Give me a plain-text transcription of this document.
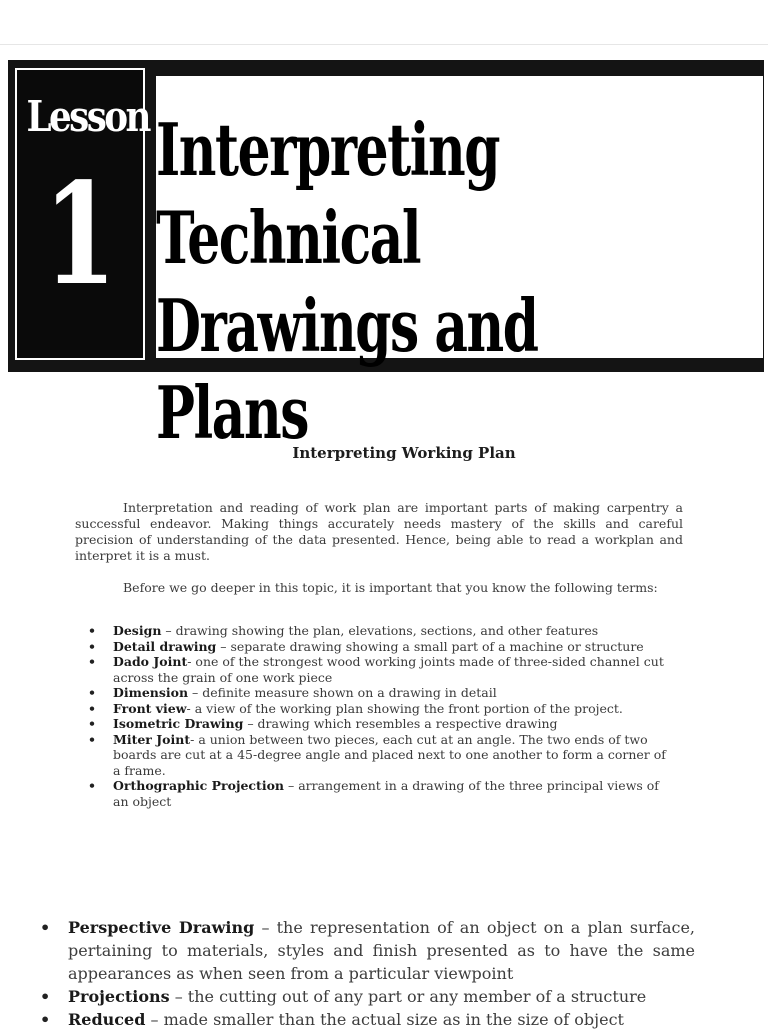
Lesson
1
Interpreting Technical
Drawings and Plans
Interpreting Working Plan

Interpretation and reading of work plan are important parts of making carpentry a successful endeavor. Making things accurately needs mastery of the skills and careful precision of understanding of the data presented. Hence, being able to read a workplan and interpret it is a must.

Before we go deeper in this topic, it is important that you know the following terms:

• Design – drawing showing the plan, elevations, sections, and other features
• Detail drawing – separate drawing showing a small part of a machine or structure
• Dado Joint- one of the strongest wood working joints made of three-sided channel cut across the grain of one work piece
• Dimension – definite measure shown on a drawing in detail
• Front view- a view of the working plan showing the front portion of the project.
• Isometric Drawing – drawing which resembles a respective drawing
• Miter Joint- a union between two pieces, each cut at an angle. The two ends of two boards are cut at a 45-degree angle and placed next to one another to form a corner of a frame.
• Orthographic Projection – arrangement in a drawing of the three principal views of an object
• Perspective Drawing – the representation of an object on a plan surface, pertaining to materials, styles and finish presented as to have the same appearances as when seen from a particular viewpoint
• Projections – the cutting out of any part or any member of a structure
• Reduced – made smaller than the actual size as in the size of object
